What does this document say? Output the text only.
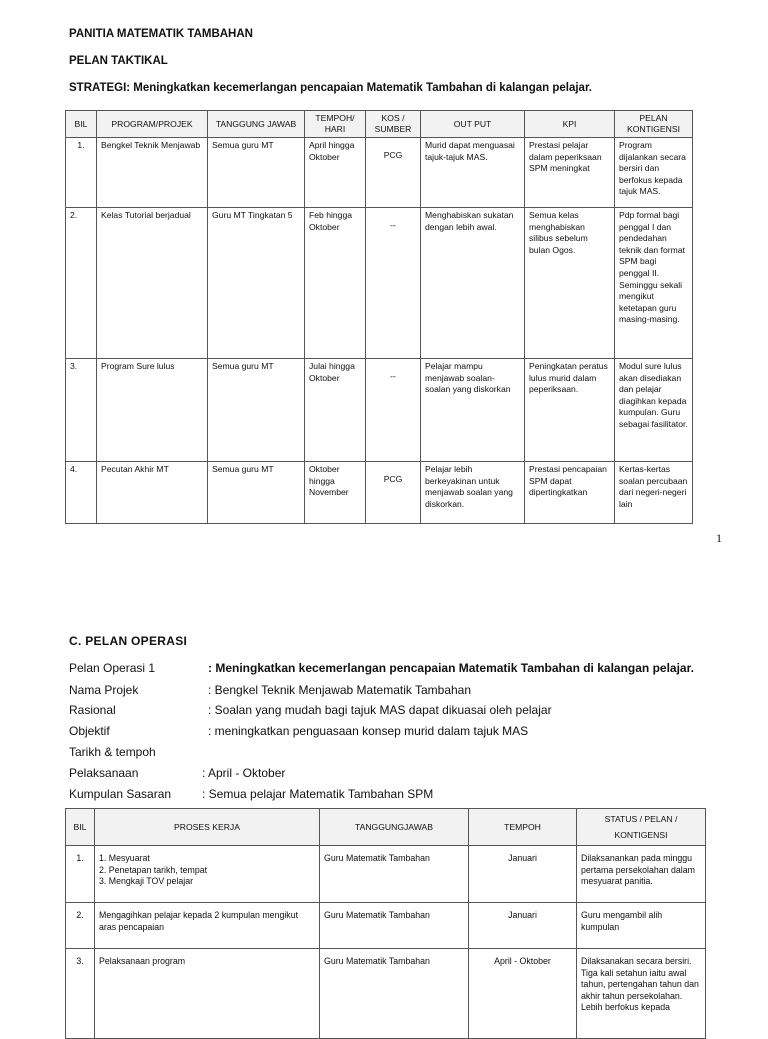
PANITIA MATEMATIK TAMBAHAN
PELAN TAKTIKAL
STRATEGI: Meningkatkan kecemerlangan pencapaian Matematik Tambahan di kalangan pelajar.
BIL	PROGRAM/PROJEK	TANGGUNG JAWAB	TEMPOH/ HARI	KOS / SUMBER	OUT PUT	KPI	PELAN KONTIGENSI
1.	Bengkel Teknik Menjawab	Semua guru MT	April hingga Oktober	PCG	Murid dapat menguasai tajuk-tajuk MAS.	Prestasi pelajar dalam peperiksaan SPM meningkat	Program dijalankan secara bersiri dan berfokus kepada tajuk MAS.
2.	Kelas Tutorial berjadual	Guru MT Tingkatan 5	Feb hingga Oktober	--	Menghabiskan sukatan dengan lebih awal.	Semua kelas menghabiskan silibus sebelum bulan Ogos.	Pdp formal bagi penggal I dan pendedahan teknik dan format SPM bagi penggal II. Seminggu sekali mengikut ketetapan guru masing-masing.
3.	Program Sure lulus	Semua guru MT	Julai hingga Oktober	--	Pelajar mampu menjawab soalan-soalan yang diskorkan	Peningkatan peratus lulus murid dalam peperiksaan.	Modul sure lulus akan disediakan dan pelajar diagihkan kepada kumpulan. Guru sebagai fasilitator.
4.	Pecutan Akhir MT	Semua guru MT	Oktober hingga November	PCG	Pelajar lebih berkeyakinan untuk menjawab soalan yang diskorkan.	Prestasi pencapaian SPM dapat dipertingkatkan	Kertas-kertas soalan percubaan dari negeri-negeri lain
1
C. PELAN OPERASI
Pelan Operasi 1	: Meningkatkan kecemerlangan pencapaian Matematik Tambahan di kalangan pelajar.
Nama Projek	: Bengkel Teknik Menjawab Matematik Tambahan
Rasional	: Soalan yang mudah bagi tajuk MAS dapat dikuasai oleh pelajar
Objektif	: meningkatkan penguasaan konsep murid dalam tajuk MAS
Tarikh & tempoh
Pelaksanaan	: April - Oktober
Kumpulan Sasaran	: Semua pelajar Matematik Tambahan SPM
BIL	PROSES KERJA	TANGGUNGJAWAB	TEMPOH	STATUS / PELAN / KONTIGENSI
1.	1. Mesyuarat
2. Penetapan tarikh, tempat
3. Mengkaji TOV pelajar	Guru Matematik Tambahan	Januari	Dilaksanankan pada minggu pertama persekolahan dalam mesyuarat panitia.
2.	Mengagihkan pelajar kepada 2 kumpulan mengikut aras pencapaian	Guru Matematik Tambahan	Januari	Guru mengambil alih kumpulan
3.	Pelaksanaan program	Guru Matematik Tambahan	April - Oktober	Dilaksanakan secara bersiri. Tiga kali setahun iaitu awal tahun, pertengahan tahun dan akhir tahun persekolahan. Lebih berfokus kepada
